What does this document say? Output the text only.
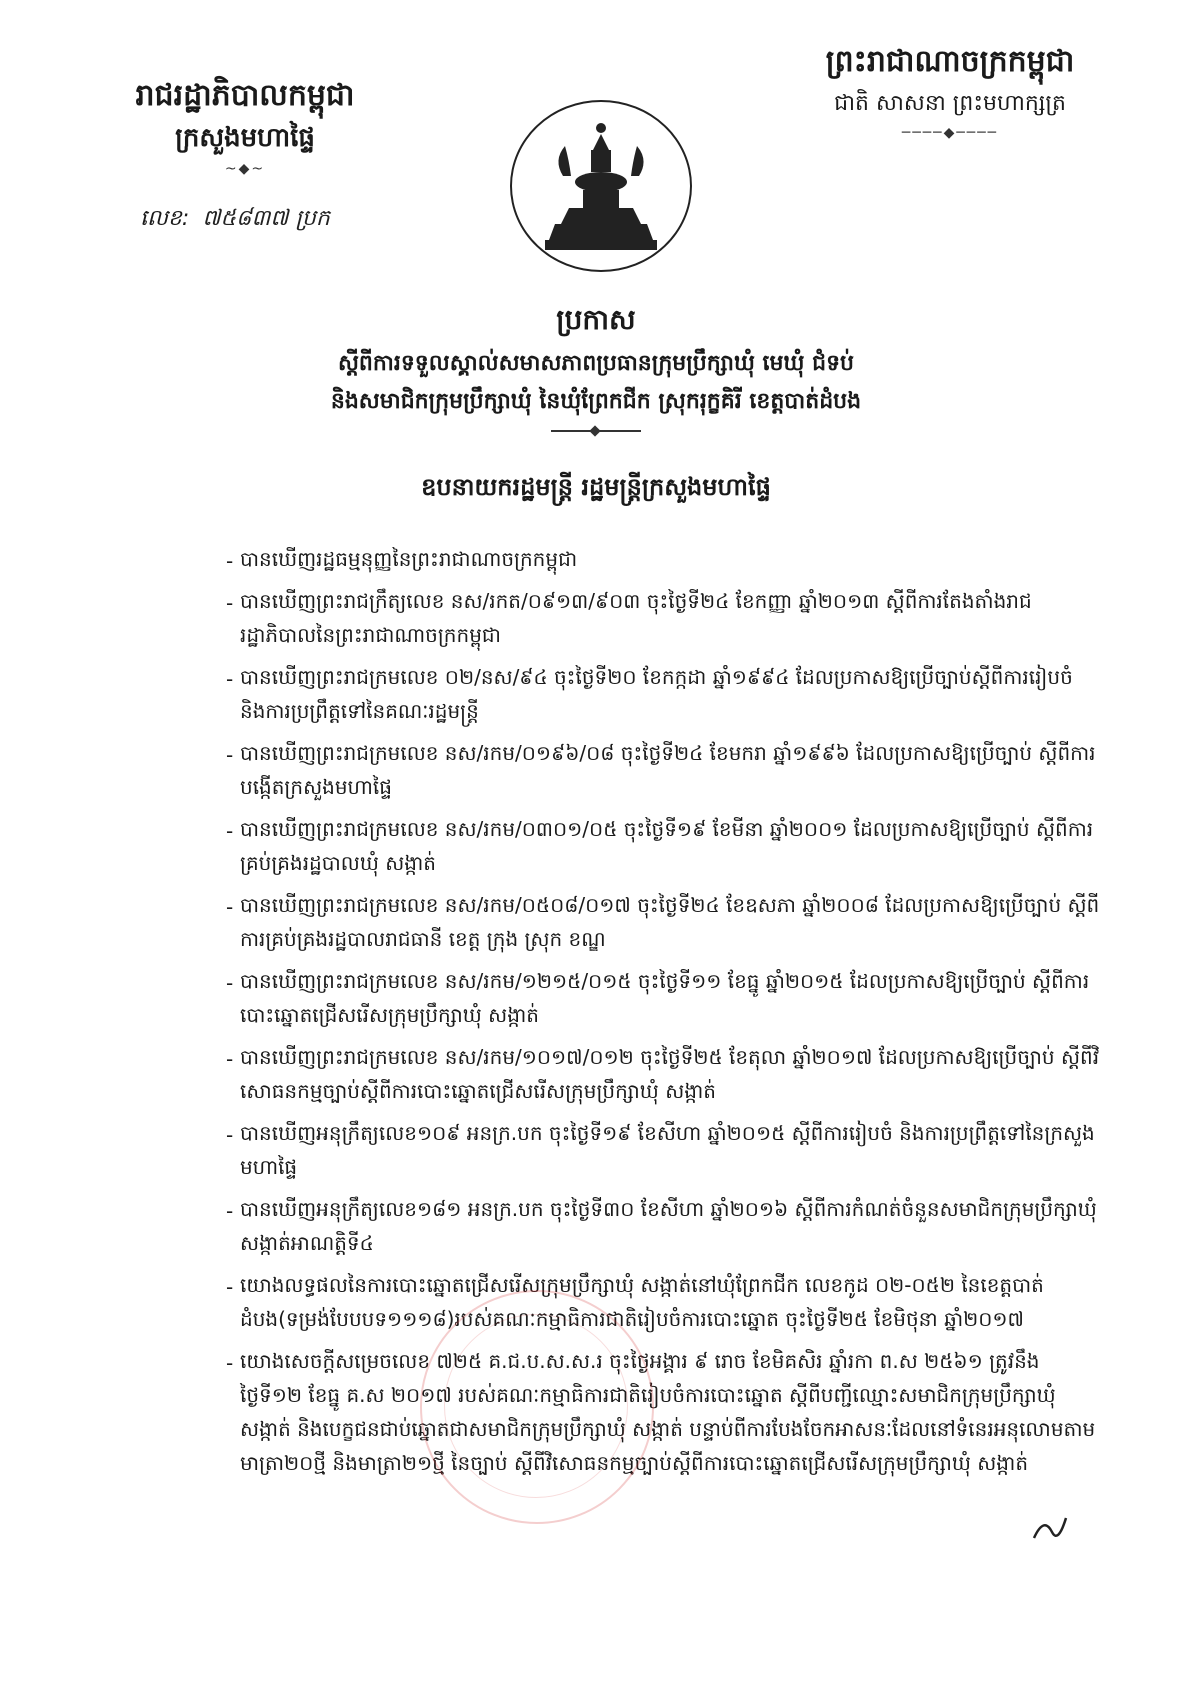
រាជរដ្ឋាភិបាលកម្ពុជា

ក្រសួងមហាផ្ទៃ

~◆~
លេខ: ៧៥៨៣៧ ប្រក

ព្រះរាជាណាចក្រកម្ពុជា

ជាតិ សាសនា ព្រះមហាក្សត្រ

────◆────

ប្រកាស

ស្តីពីការទទួលស្គាល់សមាសភាពប្រធានក្រុមប្រឹក្សាឃុំ មេឃុំ ជំទប់

និងសមាជិកក្រុមប្រឹក្សាឃុំ នៃឃុំព្រែកជីក ស្រុករុក្ខគិរី ខេត្តបាត់ដំបង

ឧបនាយករដ្ឋមន្ត្រី រដ្ឋមន្ត្រីក្រសួងមហាផ្ទៃ

- បានឃើញរដ្ឋធម្មនុញ្ញនៃព្រះរាជាណាចក្រកម្ពុជា
- បានឃើញព្រះរាជក្រឹត្យលេខ នស/រកត/០៩១៣/៩០៣ ចុះថ្ងៃទី២៤ ខែកញ្ញា ឆ្នាំ២០១៣ ស្តីពីការតែងតាំងរាជរដ្ឋាភិបាលនៃព្រះរាជាណាចក្រកម្ពុជា
- បានឃើញព្រះរាជក្រមលេខ ០២/នស/៩៤ ចុះថ្ងៃទី២០ ខែកក្កដា ឆ្នាំ១៩៩៤ ដែលប្រកាសឱ្យប្រើច្បាប់ស្តីពីការរៀបចំ និងការប្រព្រឹត្តទៅនៃគណៈរដ្ឋមន្ត្រី
- បានឃើញព្រះរាជក្រមលេខ នស/រកម/០១៩៦/០៨ ចុះថ្ងៃទី២៤ ខែមករា ឆ្នាំ១៩៩៦ ដែលប្រកាសឱ្យប្រើច្បាប់ ស្តីពីការបង្កើតក្រសួងមហាផ្ទៃ
- បានឃើញព្រះរាជក្រមលេខ នស/រកម/០៣០១/០៥ ចុះថ្ងៃទី១៩ ខែមីនា ឆ្នាំ២០០១ ដែលប្រកាសឱ្យប្រើច្បាប់ ស្តីពីការគ្រប់គ្រងរដ្ឋបាលឃុំ សង្កាត់
- បានឃើញព្រះរាជក្រមលេខ នស/រកម/០៥០៨/០១៧ ចុះថ្ងៃទី២៤ ខែឧសភា ឆ្នាំ២០០៨ ដែលប្រកាសឱ្យប្រើច្បាប់ ស្តីពីការគ្រប់គ្រងរដ្ឋបាលរាជធានី ខេត្ត ក្រុង ស្រុក ខណ្ឌ
- បានឃើញព្រះរាជក្រមលេខ នស/រកម/១២១៥/០១៥ ចុះថ្ងៃទី១១ ខែធ្នូ ឆ្នាំ២០១៥ ដែលប្រកាសឱ្យប្រើច្បាប់ ស្តីពីការបោះឆ្នោតជ្រើសរើសក្រុមប្រឹក្សាឃុំ សង្កាត់
- បានឃើញព្រះរាជក្រមលេខ នស/រកម/១០១៧/០១២ ចុះថ្ងៃទី២៥ ខែតុលា ឆ្នាំ២០១៧ ដែលប្រកាសឱ្យប្រើច្បាប់ ស្តីពីវិសោធនកម្មច្បាប់ស្តីពីការបោះឆ្នោតជ្រើសរើសក្រុមប្រឹក្សាឃុំ សង្កាត់
- បានឃើញអនុក្រឹត្យលេខ១០៩ អនក្រ.បក ចុះថ្ងៃទី១៩ ខែសីហា ឆ្នាំ២០១៥ ស្តីពីការរៀបចំ និងការប្រព្រឹត្តទៅនៃក្រសួងមហាផ្ទៃ
- បានឃើញអនុក្រឹត្យលេខ១៨១ អនក្រ.បក ចុះថ្ងៃទី៣០ ខែសីហា ឆ្នាំ២០១៦ ស្តីពីការកំណត់ចំនួនសមាជិកក្រុមប្រឹក្សាឃុំ សង្កាត់អាណត្តិទី៤
- យោងលទ្ធផលនៃការបោះឆ្នោតជ្រើសរើសក្រុមប្រឹក្សាឃុំ សង្កាត់នៅឃុំព្រែកជីក លេខកូដ ០២-០៥២ នៃខេត្តបាត់ដំបង(ទម្រង់បែបបទ១១១៨)របស់គណៈកម្មាធិការជាតិរៀបចំការបោះឆ្នោត ចុះថ្ងៃទី២៥ ខែមិថុនា ឆ្នាំ២០១៧
- យោងសេចក្តីសម្រេចលេខ ៧២៥ គ.ជ.ប.ស.ស.រ ចុះថ្ងៃអង្គារ ៩ រោច ខែមិគសិរ ឆ្នាំរកា ព.ស ២៥៦១ ត្រូវនឹងថ្ងៃទី១២ ខែធ្នូ គ.ស ២០១៧ របស់គណៈកម្មាធិការជាតិរៀបចំការបោះឆ្នោត ស្តីពីបញ្ជីឈ្មោះសមាជិកក្រុមប្រឹក្សាឃុំ សង្កាត់ និងបេក្ខជនជាប់ឆ្នោតជាសមាជិកក្រុមប្រឹក្សាឃុំ សង្កាត់ បន្ទាប់ពីការបែងចែកអាសនៈដែលនៅទំនេរអនុលោមតាមមាត្រា២០ថ្មី និងមាត្រា២១ថ្មី នៃច្បាប់ ស្តីពីវិសោធនកម្មច្បាប់ស្តីពីការបោះឆ្នោតជ្រើសរើសក្រុមប្រឹក្សាឃុំ សង្កាត់
